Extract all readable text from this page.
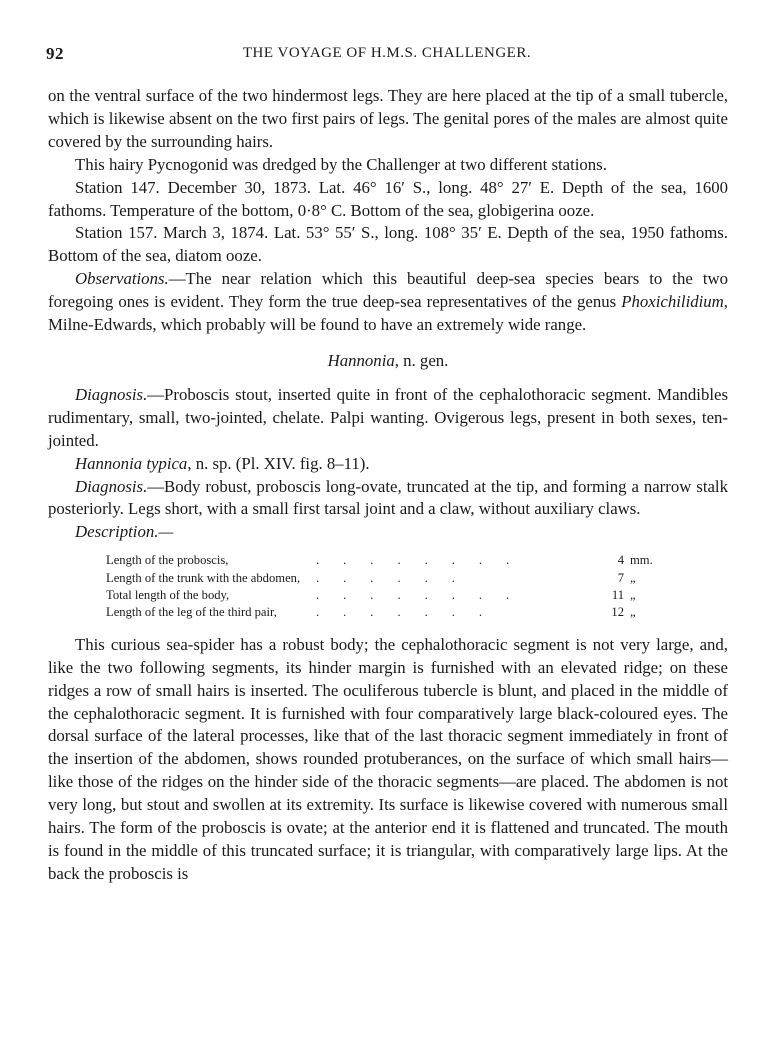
92	THE VOYAGE OF H.M.S. CHALLENGER.

on the ventral surface of the two hindermost legs. They are here placed at the tip of a small tubercle, which is likewise absent on the two first pairs of legs. The genital pores of the males are almost quite covered by the surrounding hairs.

This hairy Pycnogonid was dredged by the Challenger at two different stations.

Station 147. December 30, 1873. Lat. 46° 16′ S., long. 48° 27′ E. Depth of the sea, 1600 fathoms. Temperature of the bottom, 0·8° C. Bottom of the sea, globigerina ooze.

Station 157. March 3, 1874. Lat. 53° 55′ S., long. 108° 35′ E. Depth of the sea, 1950 fathoms. Bottom of the sea, diatom ooze.

Observations.—The near relation which this beautiful deep-sea species bears to the two foregoing ones is evident. They form the true deep-sea representatives of the genus Phoxichilidium, Milne-Edwards, which probably will be found to have an extremely wide range.

Hannonia, n. gen.

Diagnosis.—Proboscis stout, inserted quite in front of the cephalothoracic segment. Mandibles rudimentary, small, two-jointed, chelate. Palpi wanting. Ovigerous legs, present in both sexes, ten-jointed.

Hannonia typica, n. sp. (Pl. XIV. fig. 8–11).

Diagnosis.—Body robust, proboscis long-ovate, truncated at the tip, and forming a narrow stalk posteriorly. Legs short, with a small first tarsal joint and a claw, without auxiliary claws.

Description.—

Length of the proboscis,	........	4	mm.
Length of the trunk with the abdomen,	......	7	„
Total length of the body,	........	11	„
Length of the leg of the third pair,	.......	12	„

This curious sea-spider has a robust body; the cephalothoracic segment is not very large, and, like the two following segments, its hinder margin is furnished with an elevated ridge; on these ridges a row of small hairs is inserted. The oculiferous tubercle is blunt, and placed in the middle of the cephalothoracic segment. It is furnished with four comparatively large black-coloured eyes. The dorsal surface of the lateral processes, like that of the last thoracic segment immediately in front of the insertion of the abdomen, shows rounded protuberances, on the surface of which small hairs—like those of the ridges on the hinder side of the thoracic segments—are placed. The abdomen is not very long, but stout and swollen at its extremity. Its surface is likewise covered with numerous small hairs. The form of the proboscis is ovate; at the anterior end it is flattened and truncated. The mouth is found in the middle of this truncated surface; it is triangular, with comparatively large lips. At the back the proboscis is
